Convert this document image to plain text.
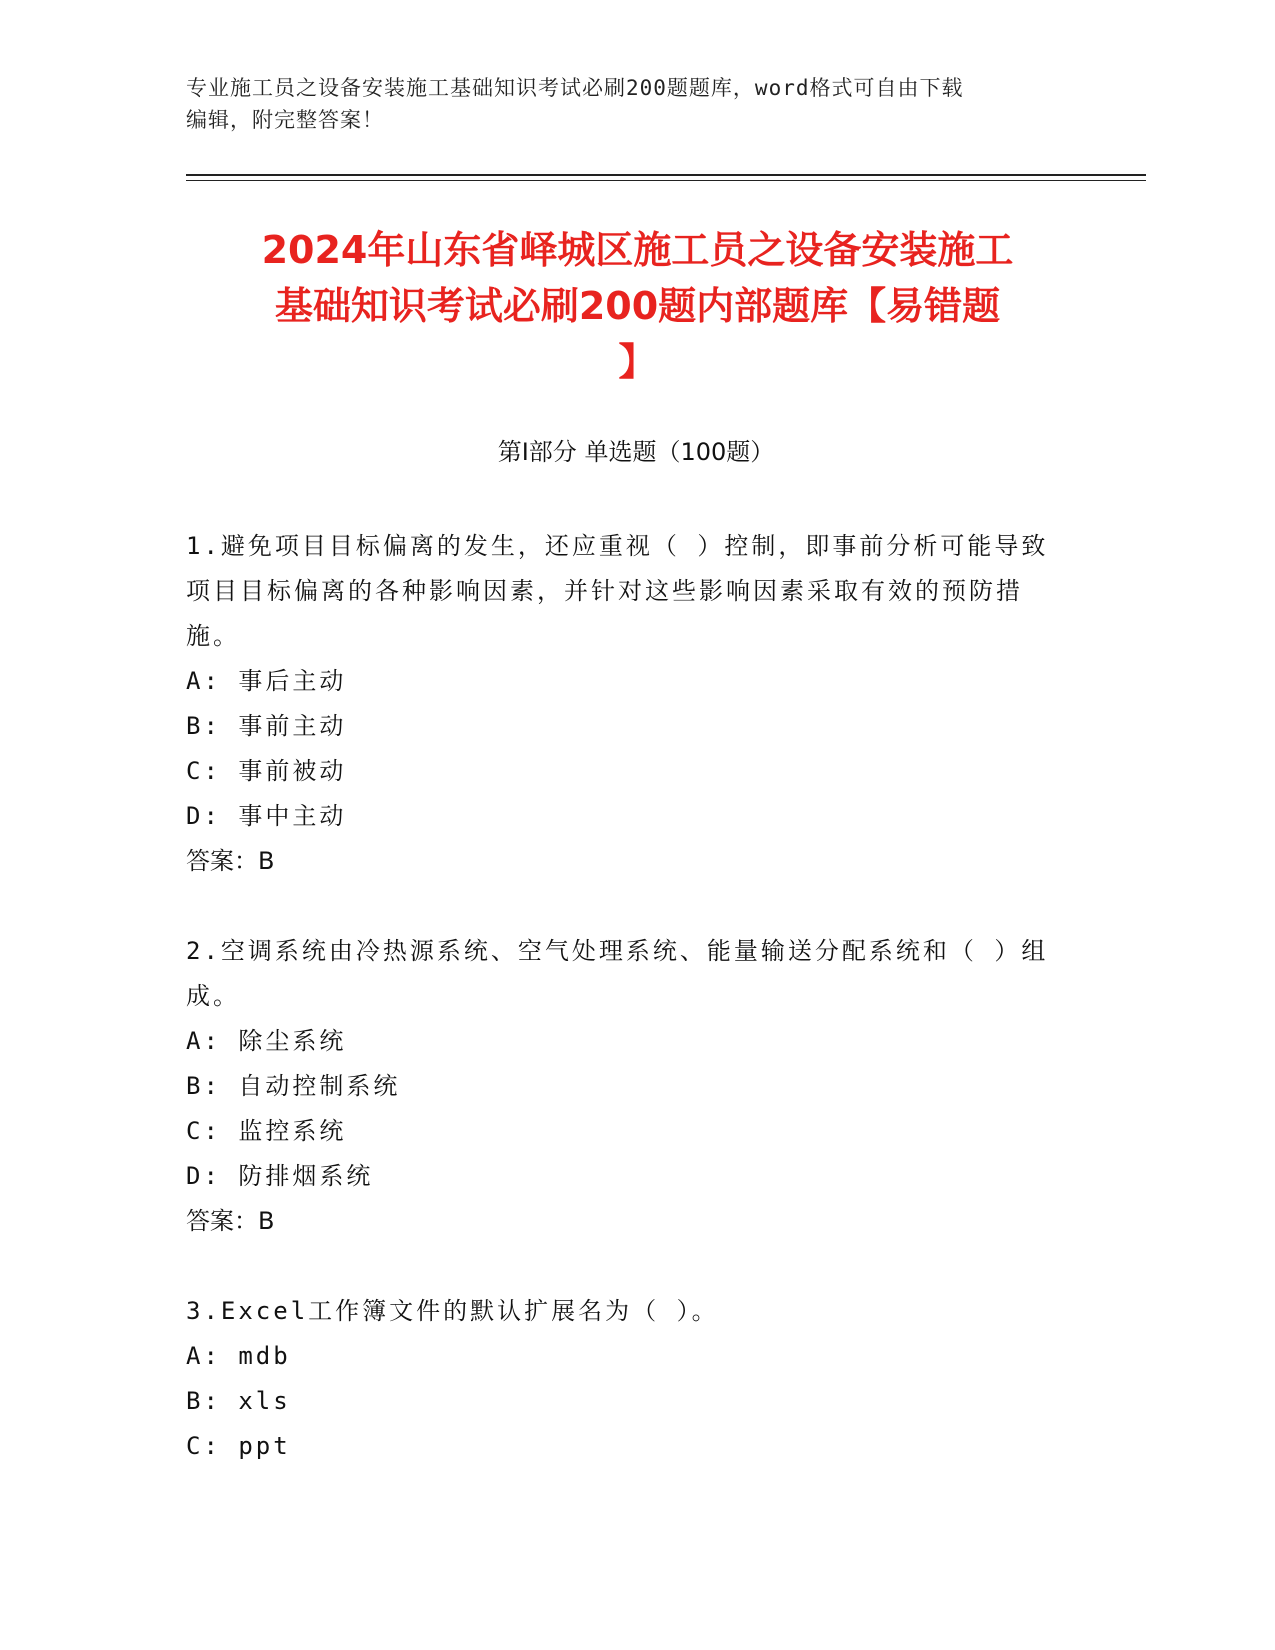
专业施工员之设备安装施工基础知识考试必刷200题题库，word格式可自由下载
编辑，附完整答案！
2024年山东省峄城区施工员之设备安装施工
基础知识考试必刷200题内部题库【易错题
】
第Ⅰ部分 单选题（100题）

1.避免项目目标偏离的发生，还应重视（ ）控制，即事前分析可能导致项目目标偏离的各种影响因素，并针对这些影响因素采取有效的预防措施。

A: 事后主动

B: 事前主动

C: 事前被动

D: 事中主动

答案：B

2.空调系统由冷热源系统、空气处理系统、能量输送分配系统和（ ）组成。

A: 除尘系统

B: 自动控制系统

C: 监控系统

D: 防排烟系统

答案：B

3.Excel工作簿文件的默认扩展名为（ ）。

A: mdb

B: xls

C: ppt
